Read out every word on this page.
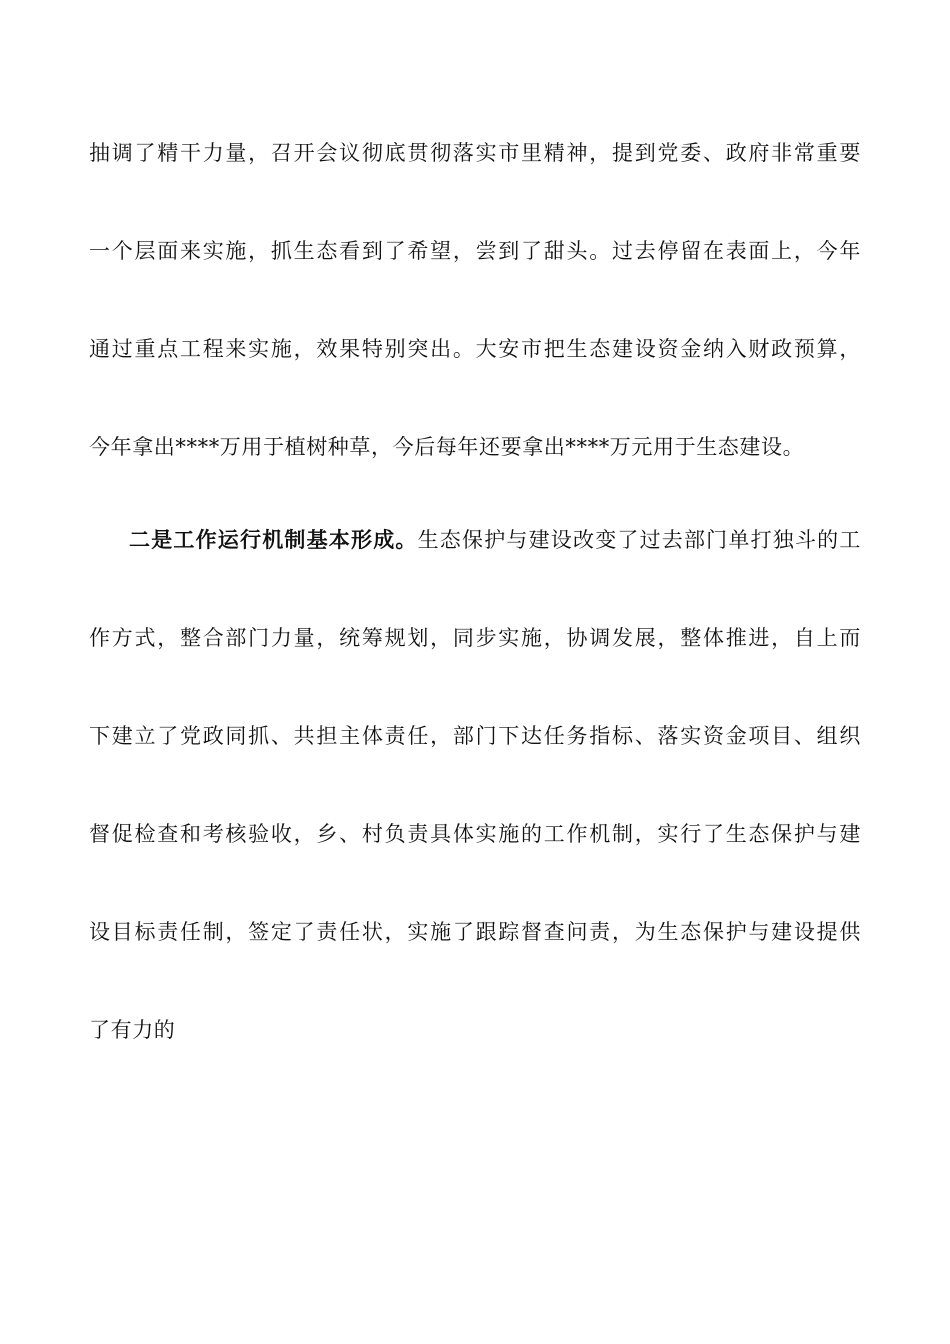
抽调了精干力量，召开会议彻底贯彻落实市里精神，提到党委、政府非常重要
一个层面来实施，抓生态看到了希望，尝到了甜头。过去停留在表面上，今年
通过重点工程来实施，效果特别突出。大安市把生态建设资金纳入财政预算，
今年拿出****万用于植树种草，今后每年还要拿出****万元用于生态建设。
二是工作运行机制基本形成。生态保护与建设改变了过去部门单打独斗的工
作方式，整合部门力量，统筹规划，同步实施，协调发展，整体推进，自上而
下建立了党政同抓、共担主体责任，部门下达任务指标、落实资金项目、组织
督促检查和考核验收，乡、村负责具体实施的工作机制，实行了生态保护与建
设目标责任制，签定了责任状，实施了跟踪督查问责，为生态保护与建设提供
了有力的
